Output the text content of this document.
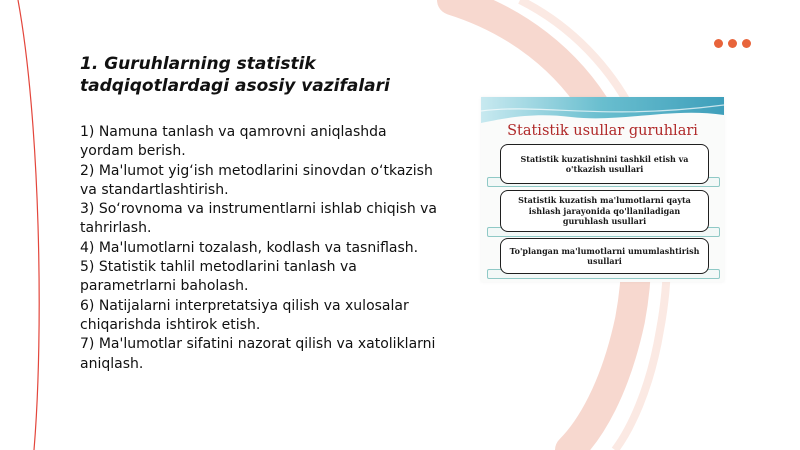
1. Guruhlarning statistik tadqiqotlardagi asosiy vazifalari
1) Namuna tanlash va qamrovni aniqlashda yordam berish.
2) Ma'lumot yig‘ish metodlarini sinovdan o‘tkazish va standartlashtirish.
3) So‘rovnoma va instrumentlarni ishlab chiqish va tahrirlash.
4) Ma'lumotlarni tozalash, kodlash va tasniflash.
5) Statistik tahlil metodlarini tanlash va parametrlarni baholash.
6) Natijalarni interpretatsiya qilish va xulosalar chiqarishda ishtirok etish.
7) Ma'lumotlar sifatini nazorat qilish va xatoliklarni aniqlash.
Statistik usullar guruhlari
Statistik kuzatishnini tashkil etish va o'tkazish usullari
Statistik kuzatish ma'lumotlarni qayta ishlash jarayonida qo'llaniladigan guruhlash usullari
To'plangan ma'lumotlarni umumlashtirish usullari
